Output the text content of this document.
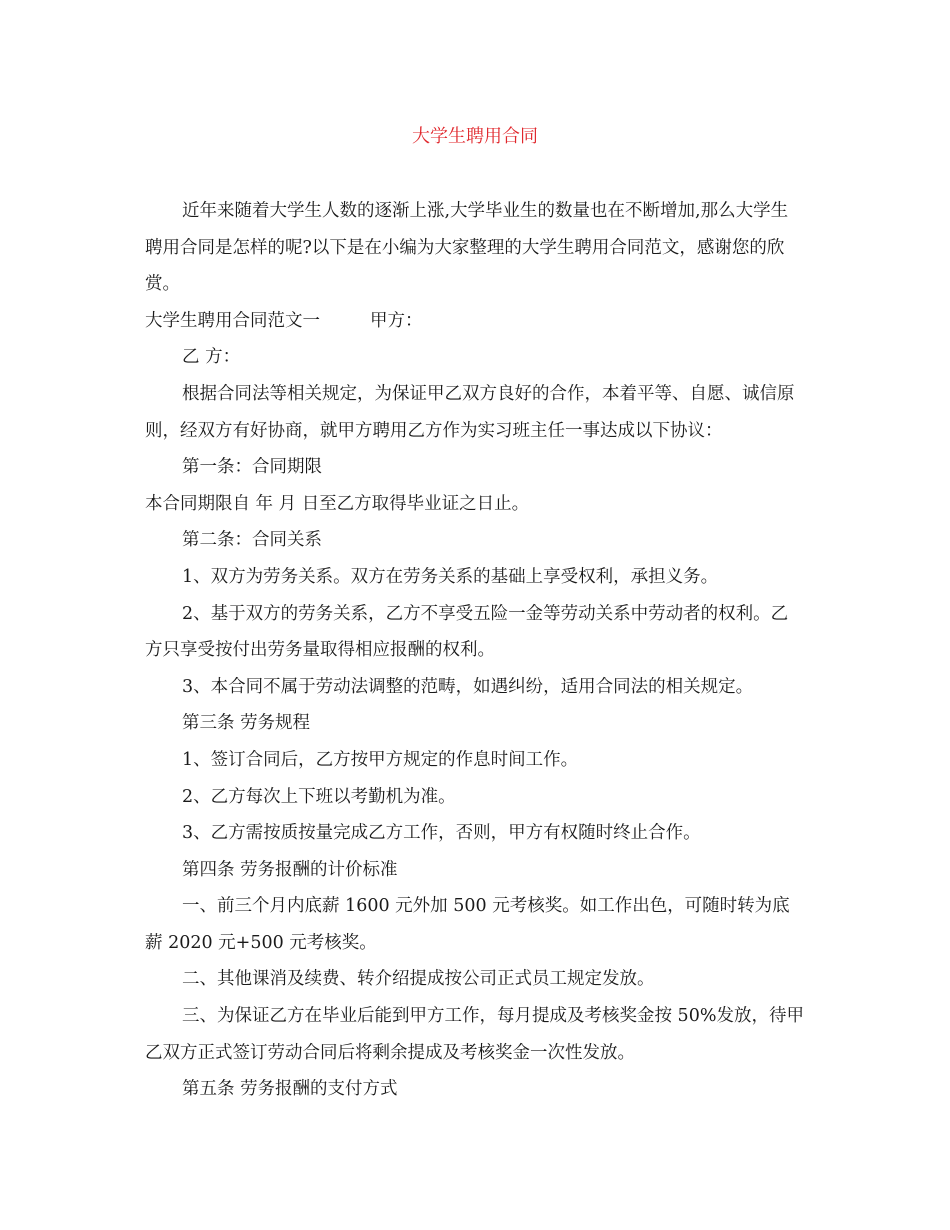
大学生聘用合同

近年来随着大学生人数的逐渐上涨,大学毕业生的数量也在不断增加,那么大学生聘用合同是怎样的呢?以下是在小编为大家整理的大学生聘用合同范文，感谢您的欣赏。

大学生聘用合同范文一	甲方：

乙 方：

根据合同法等相关规定，为保证甲乙双方良好的合作，本着平等、自愿、诚信原则，经双方有好协商，就甲方聘用乙方作为实习班主任一事达成以下协议：

第一条：合同期限

本合同期限自 年 月 日至乙方取得毕业证之日止。

第二条：合同关系

1、双方为劳务关系。双方在劳务关系的基础上享受权利，承担义务。

2、基于双方的劳务关系，乙方不享受五险一金等劳动关系中劳动者的权利。乙方只享受按付出劳务量取得相应报酬的权利。

3、本合同不属于劳动法调整的范畴，如遇纠纷，适用合同法的相关规定。

第三条 劳务规程

1、签订合同后，乙方按甲方规定的作息时间工作。

2、乙方每次上下班以考勤机为准。

3、乙方需按质按量完成乙方工作，否则，甲方有权随时终止合作。

第四条 劳务报酬的计价标准

一、前三个月内底薪 1600 元外加 500 元考核奖。如工作出色，可随时转为底薪 2020 元+500 元考核奖。

二、其他课消及续费、转介绍提成按公司正式员工规定发放。

三、为保证乙方在毕业后能到甲方工作，每月提成及考核奖金按 50%发放，待甲乙双方正式签订劳动合同后将剩余提成及考核奖金一次性发放。

第五条 劳务报酬的支付方式
